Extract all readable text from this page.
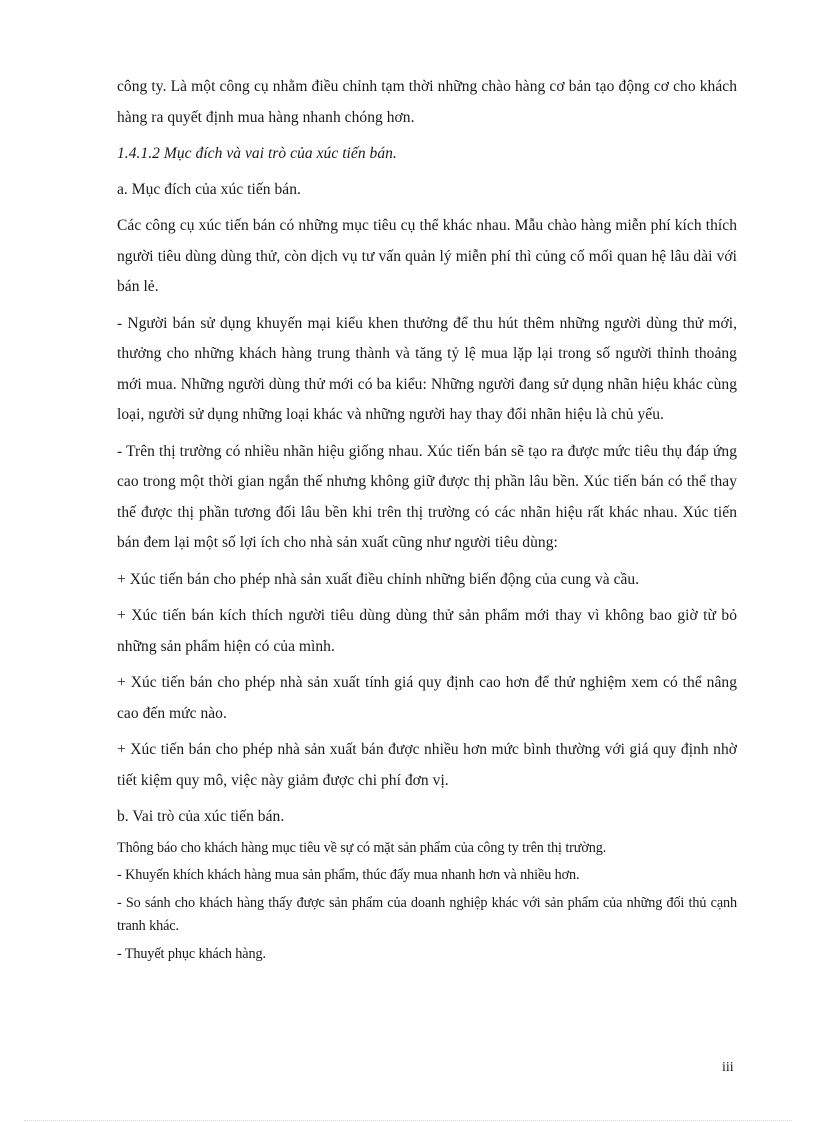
công ty. Là một công cụ nhằm điều chỉnh tạm thời những chào hàng cơ bản tạo động cơ cho khách hàng ra quyết định mua hàng nhanh chóng hơn.

1.4.1.2 Mục đích và vai trò của xúc tiến bán.

a. Mục đích của xúc tiến bán.

Các công cụ xúc tiến bán có những mục tiêu cụ thể khác nhau. Mẫu chào hàng miễn phí kích thích người tiêu dùng dùng thử, còn dịch vụ tư vấn quản lý miễn phí thì củng cố mối quan hệ lâu dài với bán lẻ.

- Người bán sử dụng khuyến mại kiểu khen thưởng để thu hút thêm những người dùng thử mới, thưởng cho những khách hàng trung thành và tăng tỷ lệ mua lặp lại trong số người thỉnh thoảng mới mua. Những người dùng thử mới có ba kiểu: Những người đang sử dụng nhãn hiệu khác cùng loại, người sử dụng những loại khác và những người hay thay đổi nhãn hiệu là chủ yếu.

- Trên thị trường có nhiều nhãn hiệu giống nhau. Xúc tiến bán sẽ tạo ra được mức tiêu thụ đáp ứng cao trong một thời gian ngắn thế nhưng không giữ được thị phần lâu bền. Xúc tiến bán có thể thay thế được thị phần tương đối lâu bền khi trên thị trường có các nhãn hiệu rất khác nhau. Xúc tiến bán đem lại một số lợi ích cho nhà sản xuất cũng như người tiêu dùng:

+ Xúc tiến bán cho phép nhà sản xuất điều chỉnh những biến động của cung và cầu.

+ Xúc tiến bán kích thích người tiêu dùng dùng thử sản phẩm mới thay vì không bao giờ từ bỏ những sản phẩm hiện có của mình.

+ Xúc tiến bán cho phép nhà sản xuất tính giá quy định cao hơn để thử nghiệm xem có thể nâng cao đến mức nào.

+ Xúc tiến bán cho phép nhà sản xuất bán được nhiều hơn mức bình thường với giá quy định nhờ tiết kiệm quy mô, việc này giảm được chi phí đơn vị.

b. Vai trò của xúc tiến bán.

Thông báo cho khách hàng mục tiêu về sự có mặt sản phẩm của công ty trên thị trường.

- Khuyến khích khách hàng mua sản phẩm, thúc đẩy mua nhanh hơn và nhiều hơn.

- So sánh cho khách hàng thấy được sản phẩm của doanh nghiệp khác với sản phẩm của những đối thủ cạnh tranh khác.

- Thuyết phục khách hàng.

iii
